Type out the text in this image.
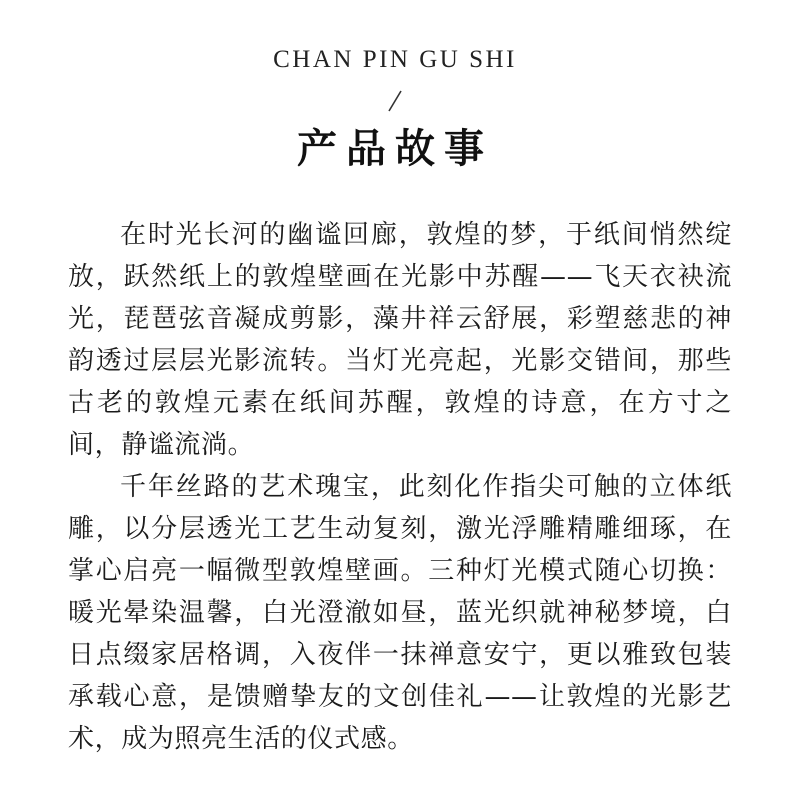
CHAN PIN GU SHI

产品故事

在时光长河的幽谧回廊，敦煌的梦，于纸间悄然绽放，跃然纸上的敦煌壁画在光影中苏醒——飞天衣袂流光，琵琶弦音凝成剪影，藻井祥云舒展，彩塑慈悲的神韵透过层层光影流转。当灯光亮起，光影交错间，那些古老的敦煌元素在纸间苏醒，敦煌的诗意，在方寸之间，静谧流淌。

千年丝路的艺术瑰宝，此刻化作指尖可触的立体纸雕，以分层透光工艺生动复刻，激光浮雕精雕细琢，在掌心启亮一幅微型敦煌壁画。三种灯光模式随心切换：暖光晕染温馨，白光澄澈如昼，蓝光织就神秘梦境，白日点缀家居格调，入夜伴一抹禅意安宁，更以雅致包装承载心意，是馈赠挚友的文创佳礼——让敦煌的光影艺术，成为照亮生活的仪式感。
